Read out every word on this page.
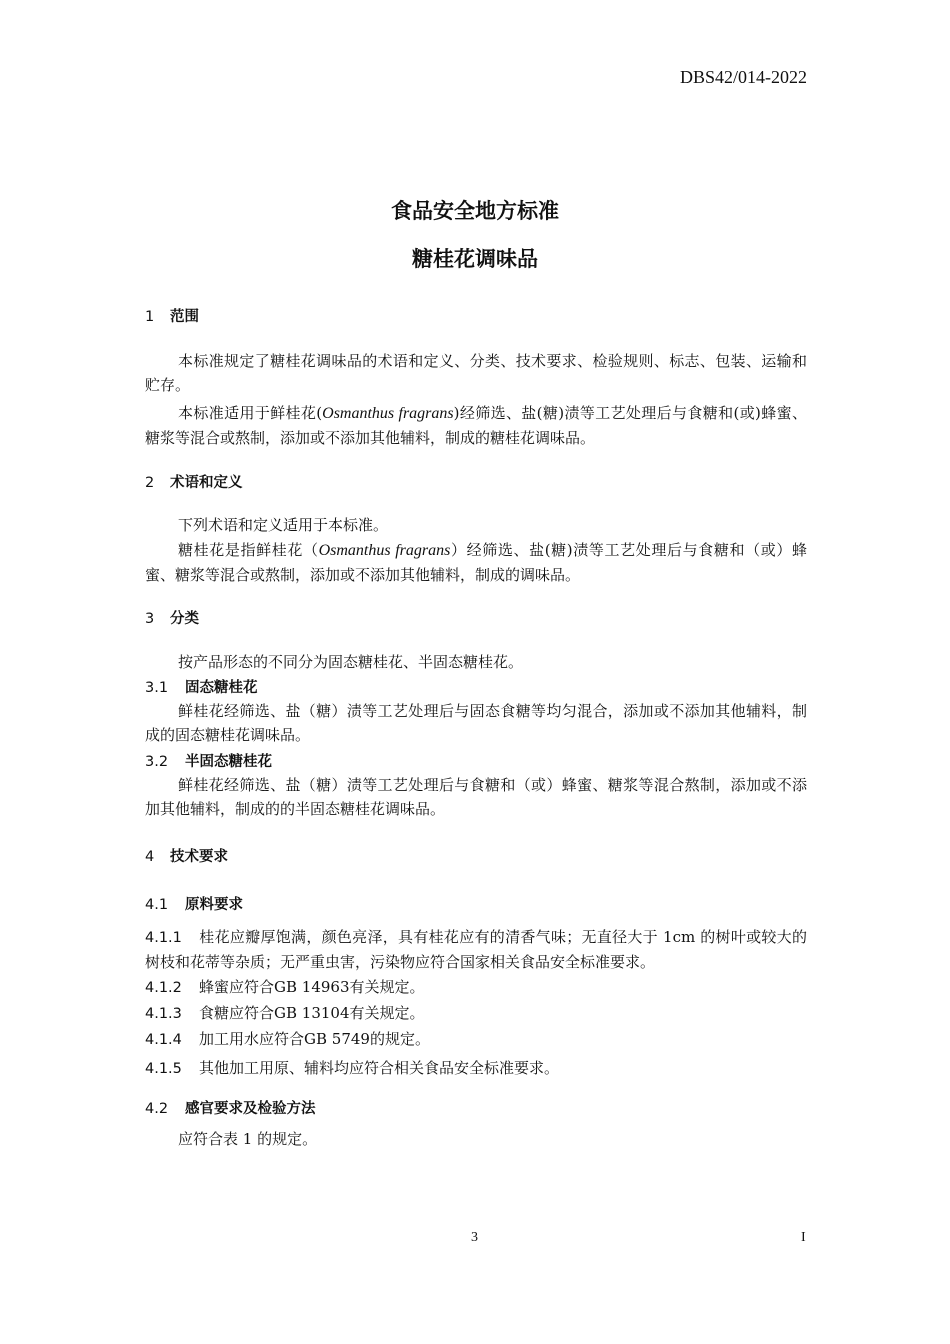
DBS42/014-2022
食品安全地方标准
糖桂花调味品
1 范围
本标准规定了糖桂花调味品的术语和定义、分类、技术要求、检验规则、标志、包装、运输和贮存。
本标准适用于鲜桂花(Osmanthus fragrans)经筛选、盐(糖)渍等工艺处理后与食糖和(或)蜂蜜、糖浆等混合或熬制，添加或不添加其他辅料，制成的糖桂花调味品。
2 术语和定义
下列术语和定义适用于本标准。
糖桂花是指鲜桂花（Osmanthus fragrans）经筛选、盐(糖)渍等工艺处理后与食糖和（或）蜂蜜、糖浆等混合或熬制，添加或不添加其他辅料，制成的调味品。
3 分类
按产品形态的不同分为固态糖桂花、半固态糖桂花。
3.1 固态糖桂花
鲜桂花经筛选、盐（糖）渍等工艺处理后与固态食糖等均匀混合，添加或不添加其他辅料，制成的固态糖桂花调味品。
3.2 半固态糖桂花
鲜桂花经筛选、盐（糖）渍等工艺处理后与食糖和（或）蜂蜜、糖浆等混合熬制，添加或不添加其他辅料，制成的的半固态糖桂花调味品。
4 技术要求
4.1 原料要求
4.1.1 桂花应瓣厚饱满，颜色亮泽，具有桂花应有的清香气味；无直径大于 1cm 的树叶或较大的树枝和花蒂等杂质；无严重虫害，污染物应符合国家相关食品安全标准要求。
4.1.2 蜂蜜应符合GB 14963有关规定。
4.1.3 食糖应符合GB 13104有关规定。
4.1.4 加工用水应符合GB 5749的规定。
4.1.5 其他加工用原、辅料均应符合相关食品安全标准要求。
4.2 感官要求及检验方法
应符合表 1 的规定。
3	I
